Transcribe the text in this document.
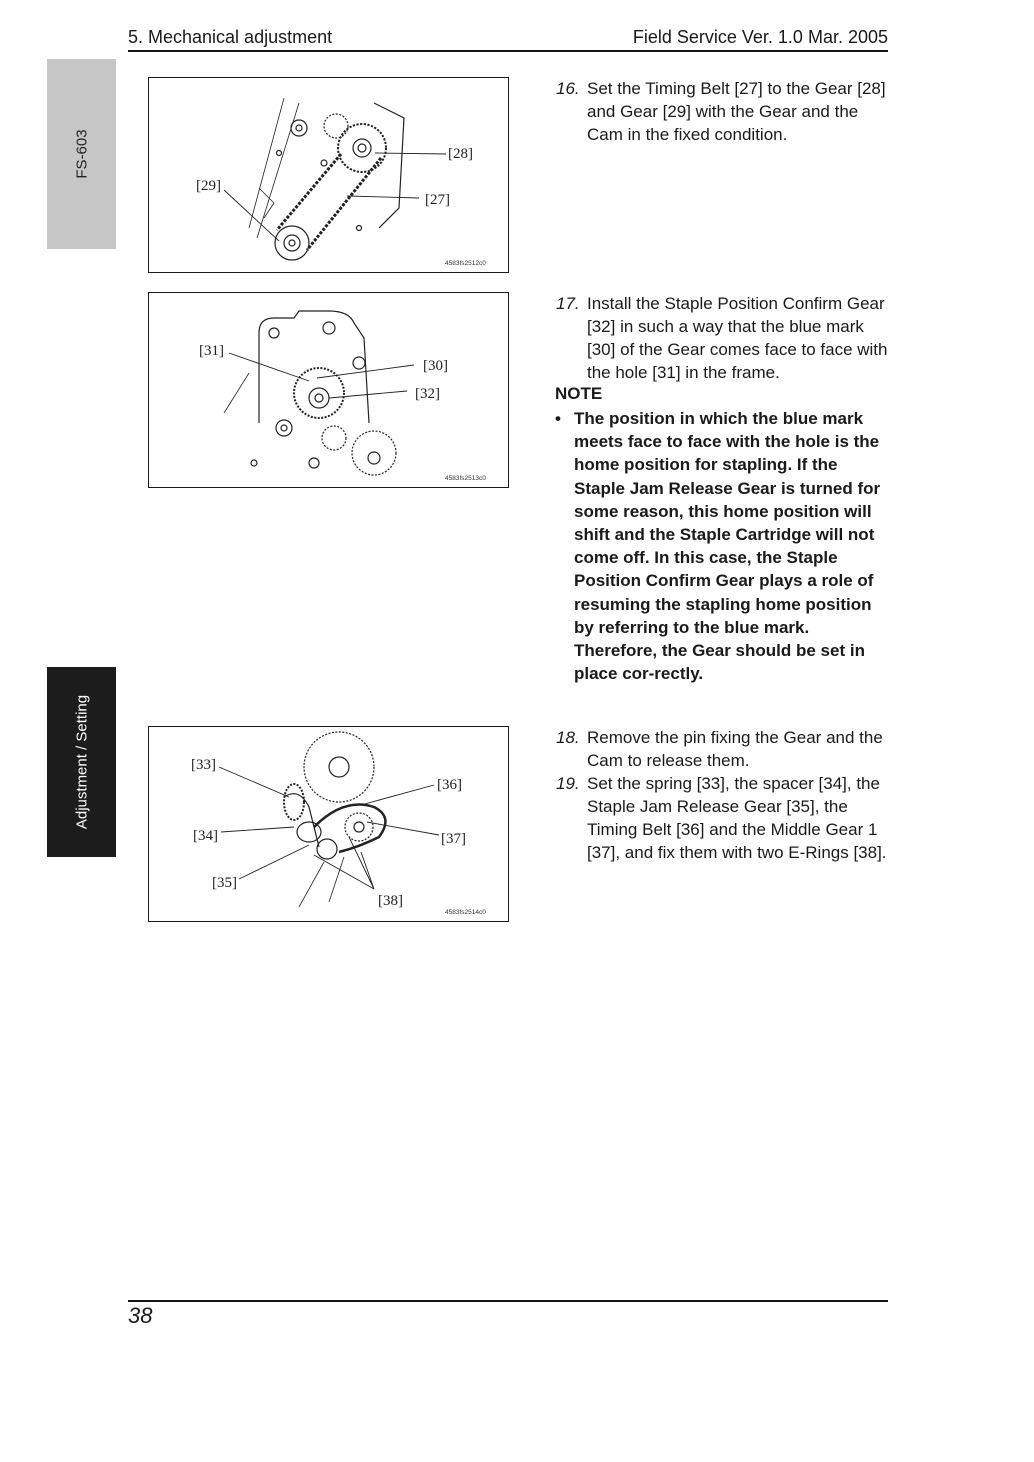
5. Mechanical adjustment	Field Service Ver. 1.0 Mar. 2005
FS-603
Adjustment / Setting
[28]
[29]
[27]
4583fs2512c0
[31]
[30]
[32]
4583fs2513c0
[33]
[36]
[34]	[37]
[35]
[38]
4583fs2514c0
16. Set the Timing Belt [27] to the Gear [28] and Gear [29] with the Gear and the Cam in the fixed condition.
17. Install the Staple Position Confirm Gear [32] in such a way that the blue mark [30] of the Gear comes face to face with the hole [31] in the frame.
NOTE
• The position in which the blue mark meets face to face with the hole is the home position for stapling. If the Staple Jam Release Gear is turned for some reason, this home position will shift and the Staple Cartridge will not come off. In this case, the Staple Position Confirm Gear plays a role of resuming the stapling home position by referring to the blue mark. Therefore, the Gear should be set in place cor-rectly.
18. Remove the pin fixing the Gear and the Cam to release them.
19. Set the spring [33], the spacer [34], the Staple Jam Release Gear [35], the Timing Belt [36] and the Middle Gear 1 [37], and fix them with two E-Rings [38].
38
